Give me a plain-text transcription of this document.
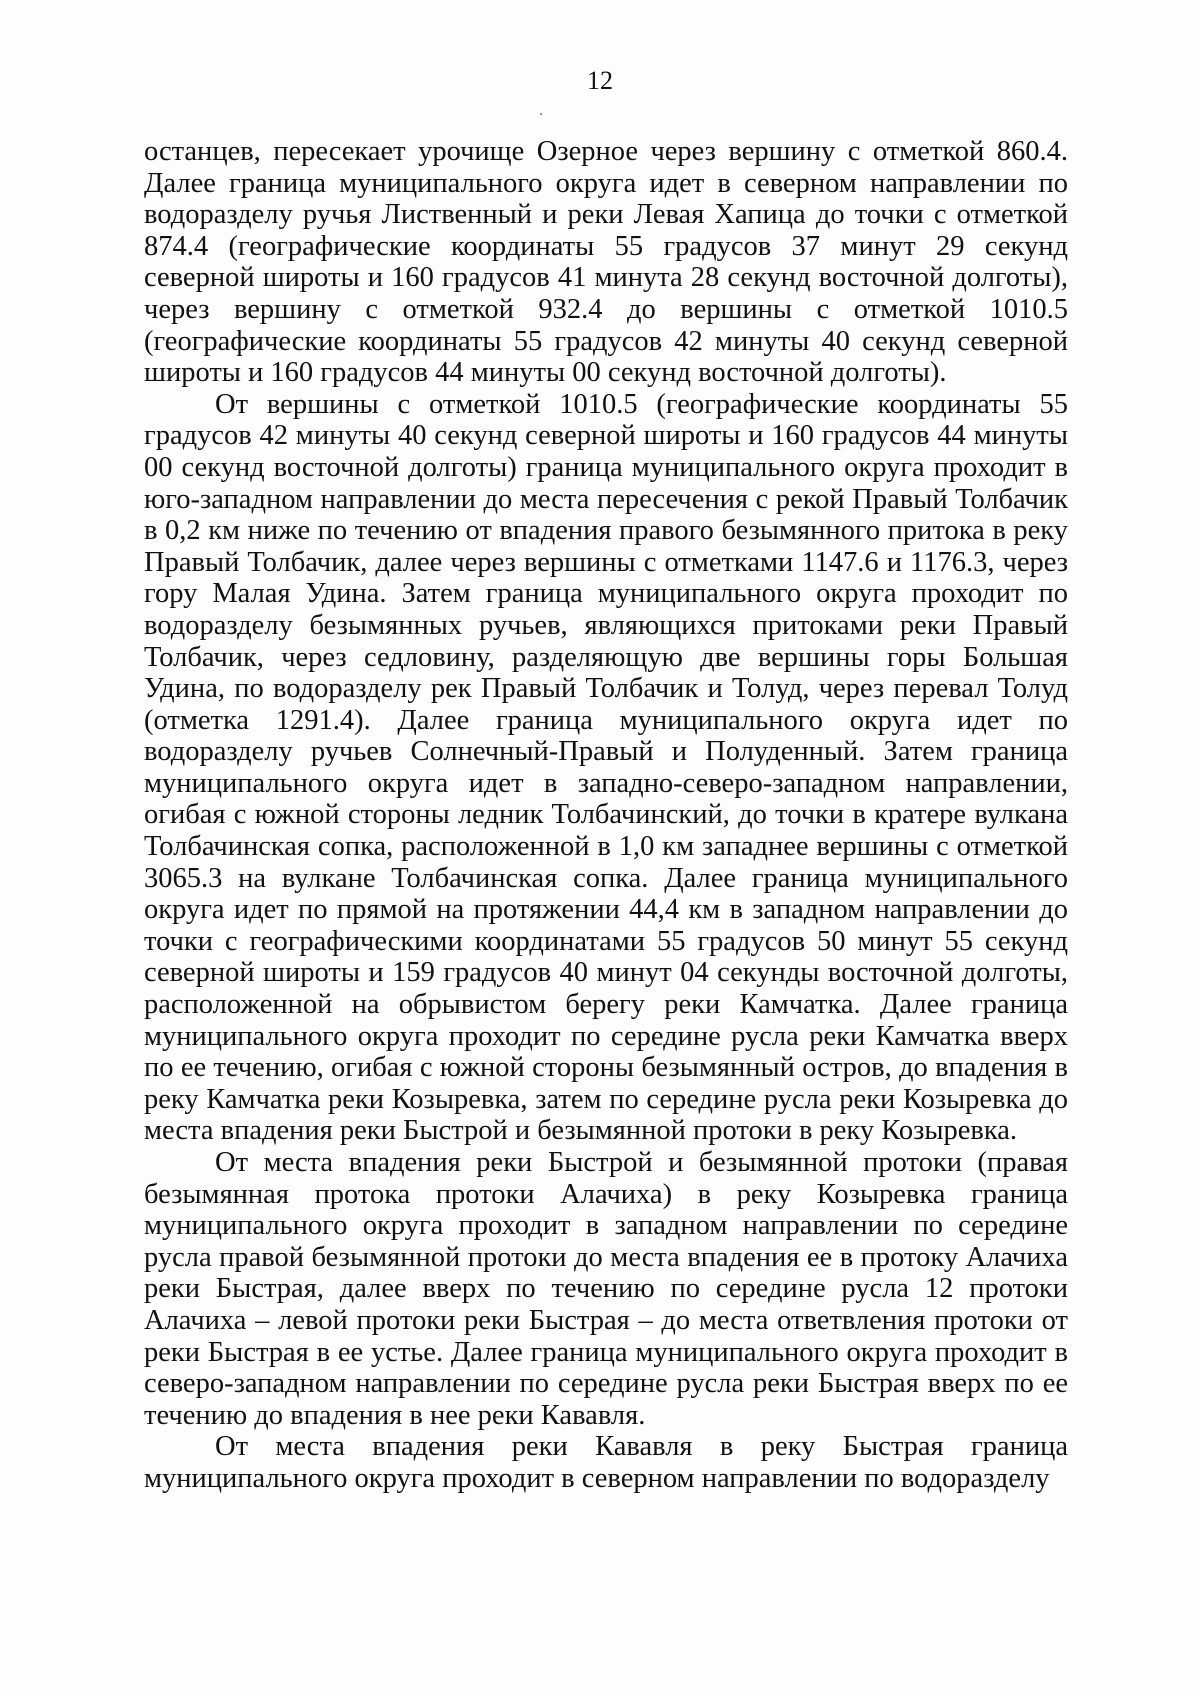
12

останцев, пересекает урочище Озерное через вершину с отметкой 860.4. Далее граница муниципального округа идет в северном направлении по водоразделу ручья Лиственный и реки Левая Хапица до точки с отметкой 874.4 (географические координаты 55 градусов 37 минут 29 секунд северной широты и 160 градусов 41 минута 28 секунд восточной долготы), через вершину с отметкой 932.4 до вершины с отметкой 1010.5 (географические координаты 55 градусов 42 минуты 40 секунд северной широты и 160 градусов 44 минуты 00 секунд восточной долготы).

От вершины с отметкой 1010.5 (географические координаты 55 градусов 42 минуты 40 секунд северной широты и 160 градусов 44 минуты 00 секунд восточной долготы) граница муниципального округа проходит в юго-западном направлении до места пересечения с рекой Правый Толбачик в 0,2 км ниже по течению от впадения правого безымянного притока в реку Правый Толбачик, далее через вершины с отметками 1147.6 и 1176.3, через гору Малая Удина. Затем граница муниципального округа проходит по водоразделу безымянных ручьев, являющихся притоками реки Правый Толбачик, через седловину, разделяющую две вершины горы Большая Удина, по водоразделу рек Правый Толбачик и Толуд, через перевал Толуд (отметка 1291.4). Далее граница муниципального округа идет по водоразделу ручьев Солнечный-Правый и Полуденный. Затем граница муниципального округа идет в западно-северо-западном направлении, огибая с южной стороны ледник Толбачинский, до точки в кратере вулкана Толбачинская сопка, расположенной в 1,0 км западнее вершины с отметкой 3065.3 на вулкане Толбачинская сопка. Далее граница муниципального округа идет по прямой на протяжении 44,4 км в западном направлении до точки с географическими координатами 55 градусов 50 минут 55 секунд северной широты и 159 градусов 40 минут 04 секунды восточной долготы, расположенной на обрывистом берегу реки Камчатка. Далее граница муниципального округа проходит по середине русла реки Камчатка вверх по ее течению, огибая с южной стороны безымянный остров, до впадения в реку Камчатка реки Козыревка, затем по середине русла реки Козыревка до места впадения реки Быстрой и безымянной протоки в реку Козыревка.

От места впадения реки Быстрой и безымянной протоки (правая безымянная протока протоки Алачиха) в реку Козыревка граница муниципального округа проходит в западном направлении по середине русла правой безымянной протоки до места впадения ее в протоку Алачиха реки Быстрая, далее вверх по течению по середине русла 12 протоки Алачиха – левой протоки реки Быстрая – до места ответвления протоки от реки Быстрая в ее устье. Далее граница муниципального округа проходит в северо-западном направлении по середине русла реки Быстрая вверх по ее течению до впадения в нее реки Кававля.

От места впадения реки Кававля в реку Быстрая граница муниципального округа проходит в северном направлении по водоразделу
